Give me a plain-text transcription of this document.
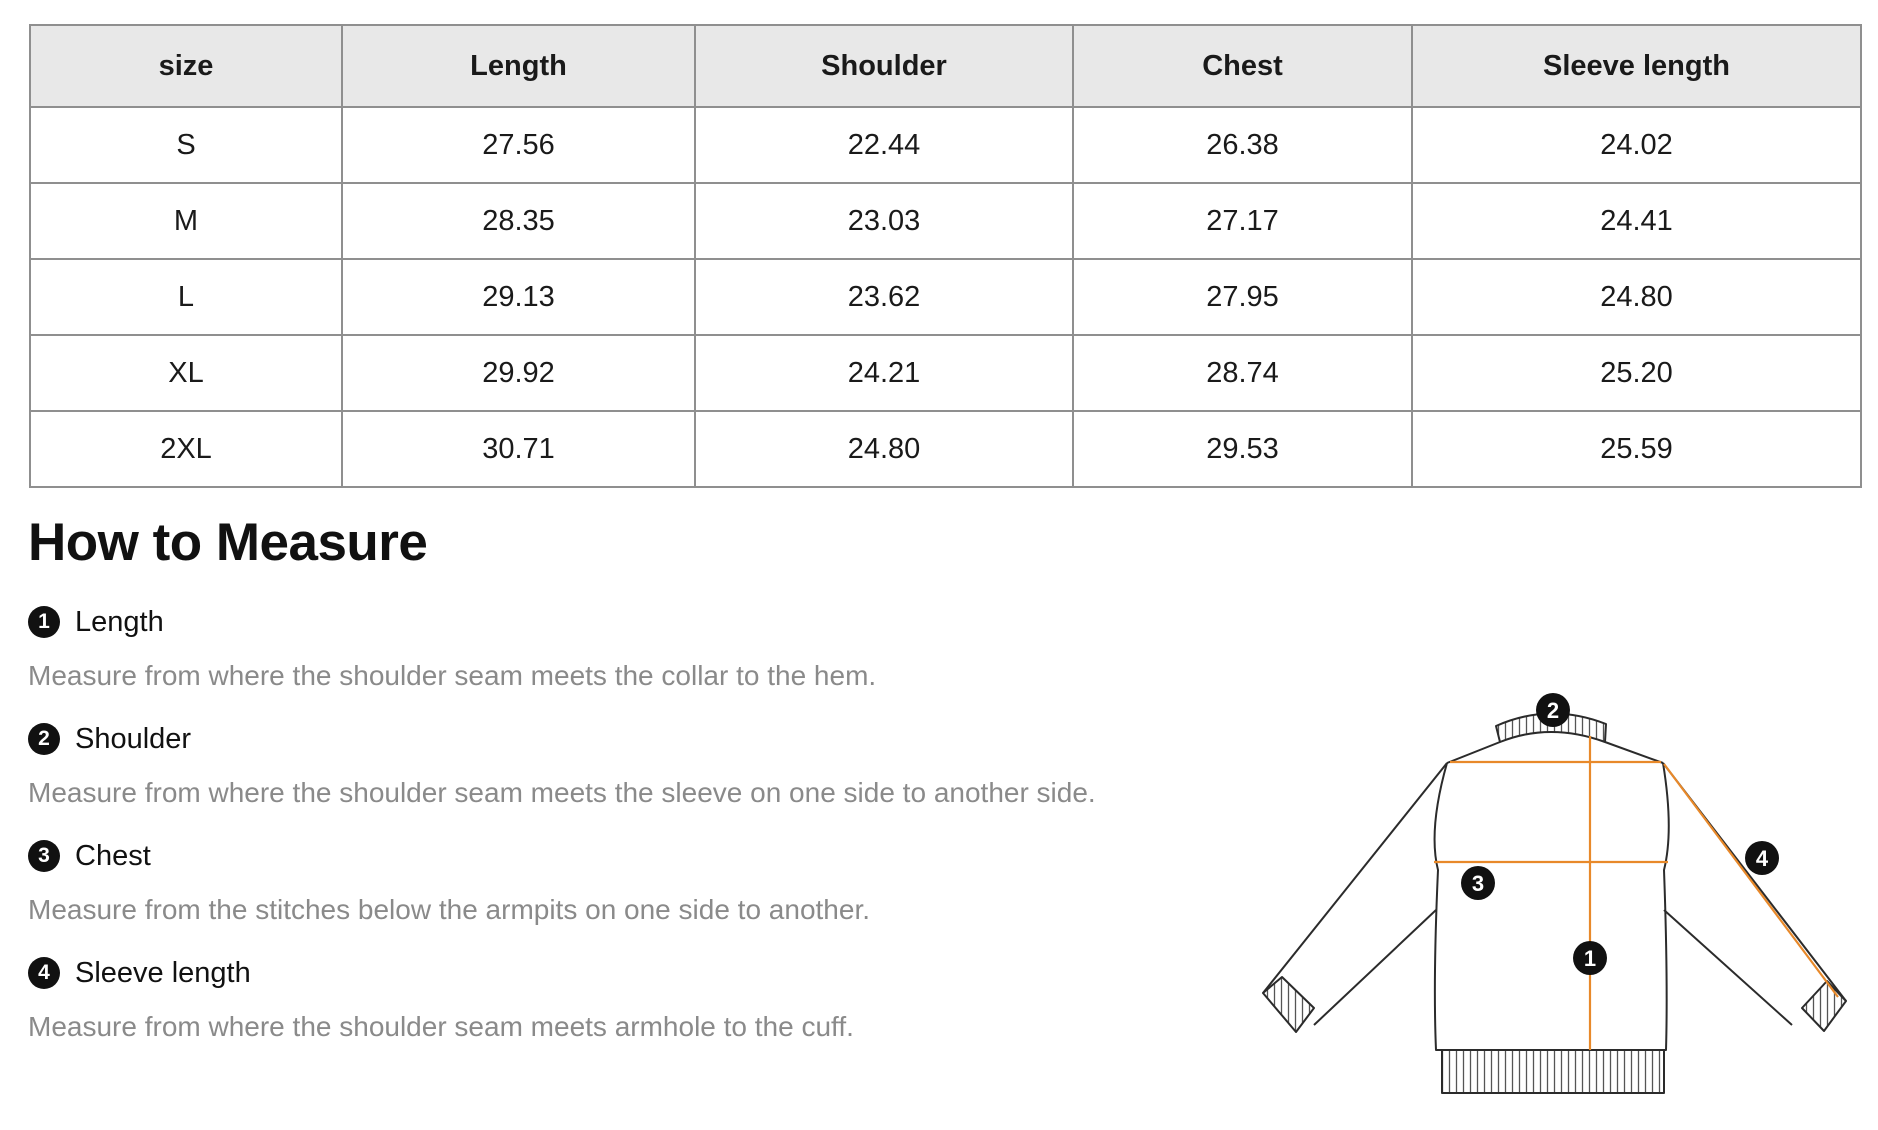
size	Length	Shoulder	Chest	Sleeve length
S	27.56	22.44	26.38	24.02
M	28.35	23.03	27.17	24.41
L	29.13	23.62	27.95	24.80
XL	29.92	24.21	28.74	25.20
2XL	30.71	24.80	29.53	25.59
How to Measure
1 Length
Measure from where the shoulder seam meets the collar to the hem.
2 Shoulder
Measure from where the shoulder seam meets the sleeve on one side to another side.
3 Chest
Measure from the stitches below the armpits on one side to another.
4 Sleeve length
Measure from where the shoulder seam meets armhole to the cuff.
2
4
3
1
